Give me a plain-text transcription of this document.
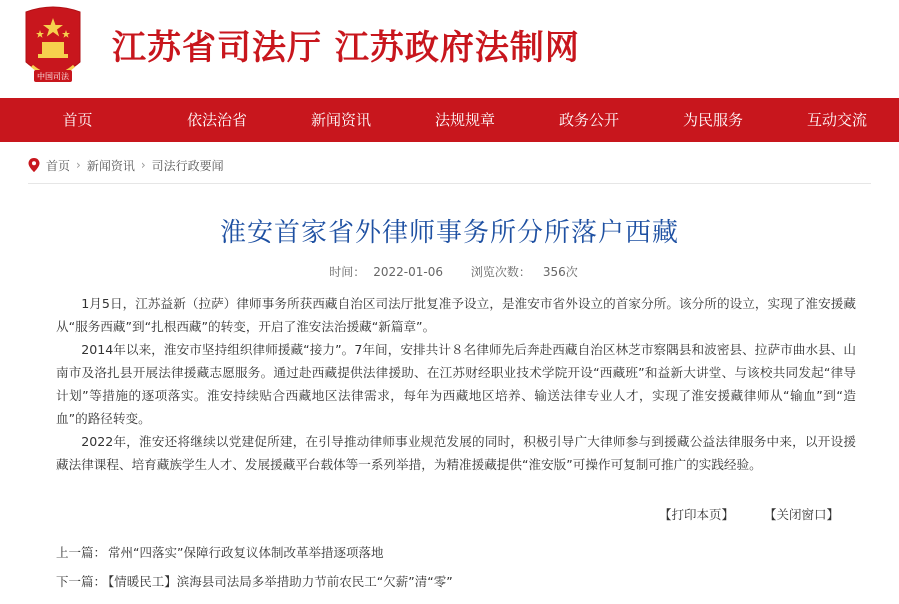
中国司法
江苏省司法厅 江苏政府法制网
首页	依法治省	新闻资讯	法规规章	政务公开	为民服务	互动交流
首页 › 新闻资讯 › 司法行政要闻
淮安首家省外律师事务所分所落户西藏
时间： 2022-01-06 浏览次数： 356次

1月5日，江苏益新（拉萨）律师事务所获西藏自治区司法厅批复准予设立，是淮安市省外设立的首家分所。该分所的设立，实现了淮安援藏从“服务西藏”到“扎根西藏”的转变，开启了淮安法治援藏“新篇章”。

2014年以来，淮安市坚持组织律师援藏“接力”。7年间，安排共计８名律师先后奔赴西藏自治区林芝市察隅县和波密县、拉萨市曲水县、山南市及洛扎县开展法律援藏志愿服务。通过赴西藏提供法律援助、在江苏财经职业技术学院开设“西藏班”和益新大讲堂、与该校共同发起“律导计划”等措施的逐项落实。淮安持续贴合西藏地区法律需求，每年为西藏地区培养、输送法律专业人才，实现了淮安援藏律师从“输血”到“造血”的路径转变。

2022年，淮安还将继续以党建促所建，在引导推动律师事业规范发展的同时，积极引导广大律师参与到援藏公益法律服务中来，以开设援藏法律课程、培育藏族学生人才、发展援藏平台载体等一系列举措，为精准援藏提供“淮安版”可操作可复制可推广的实践经验。

【打印本页】 【关闭窗口】
上一篇： 常州“四落实”保障行政复议体制改革举措逐项落地
下一篇： 【情暖民工】滨海县司法局多举措助力节前农民工“欠薪”清“零”
